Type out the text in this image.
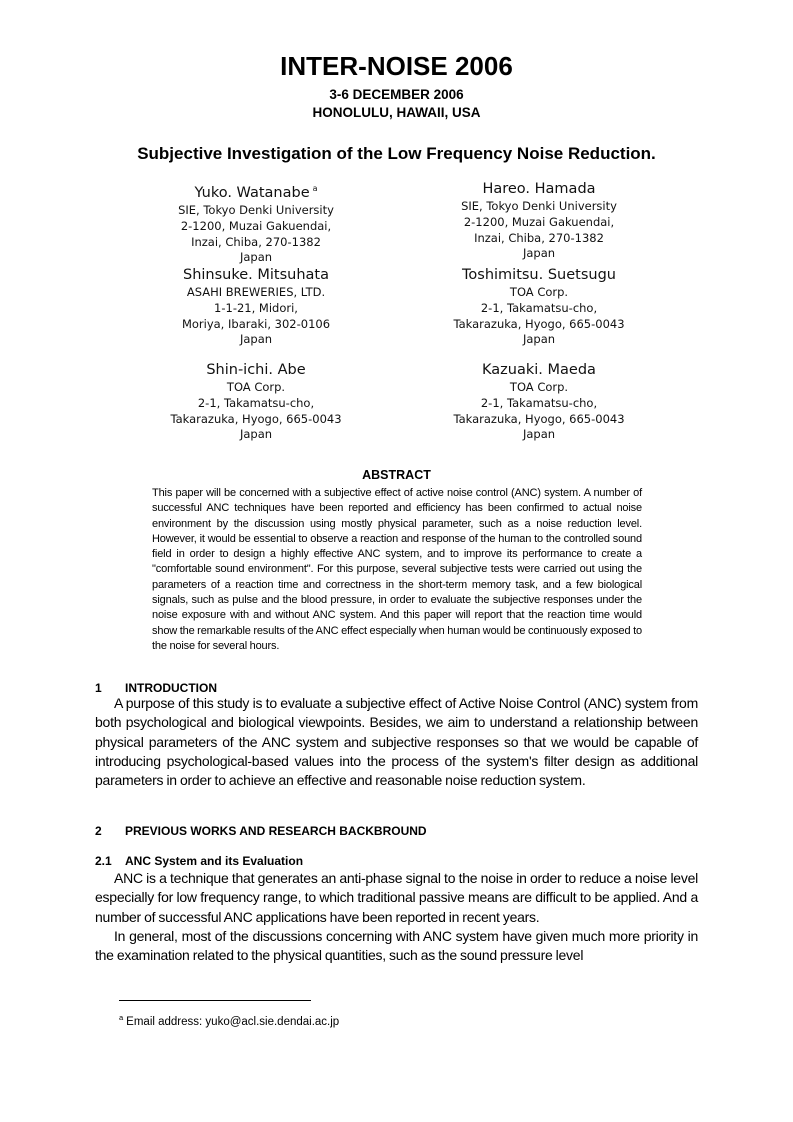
INTER-NOISE 2006
3-6 DECEMBER 2006
HONOLULU, HAWAII, USA
Subjective Investigation of the Low Frequency Noise Reduction.
Yuko. Watanabe $^a$
SIE, Tokyo Denki University
2-1200, Muzai Gakuendai,
Inzai, Chiba, 270-1382
Japan
Hareo. Hamada
SIE, Tokyo Denki University
2-1200, Muzai Gakuendai,
Inzai, Chiba, 270-1382
Japan
Shinsuke. Mitsuhata
ASAHI BREWERIES, LTD.
1-1-21, Midori,
Moriya, Ibaraki, 302-0106
Japan
Toshimitsu. Suetsugu
TOA Corp.
2-1, Takamatsu-cho,
Takarazuka, Hyogo, 665-0043
Japan
Shin-ichi. Abe
TOA Corp.
2-1, Takamatsu-cho,
Takarazuka, Hyogo, 665-0043
Japan
Kazuaki. Maeda
TOA Corp.
2-1, Takamatsu-cho,
Takarazuka, Hyogo, 665-0043
Japan
ABSTRACT
This paper will be concerned with a subjective effect of active noise control (ANC) system. A number of successful ANC techniques have been reported and efficiency has been confirmed to actual noise environment by the discussion using mostly physical parameter, such as a noise reduction level. However, it would be essential to observe a reaction and response of the human to the controlled sound field in order to design a highly effective ANC system, and to improve its performance to create a "comfortable sound environment". For this purpose, several subjective tests were carried out using the parameters of a reaction time and correctness in the short-term memory task, and a few biological signals, such as pulse and the blood pressure, in order to evaluate the subjective responses under the noise exposure with and without ANC system. And this paper will report that the reaction time would show the remarkable results of the ANC effect especially when human would be continuously exposed to the noise for several hours.
1 INTRODUCTION

A purpose of this study is to evaluate a subjective effect of Active Noise Control (ANC) system from both psychological and biological viewpoints. Besides, we aim to understand a relationship between physical parameters of the ANC system and subjective responses so that we would be capable of introducing psychological-based values into the process of the system's filter design as additional parameters in order to achieve an effective and reasonable noise reduction system.

2 PREVIOUS WORKS AND RESEARCH BACKBROUND
2.1 ANC System and its Evaluation

ANC is a technique that generates an anti-phase signal to the noise in order to reduce a noise level especially for low frequency range, to which traditional passive means are difficult to be applied. And a number of successful ANC applications have been reported in recent years.

In general, most of the discussions concerning with ANC system have given much more priority in the examination related to the physical quantities, such as the sound pressure level

$^a$ Email address: yuko@acl.sie.dendai.ac.jp
